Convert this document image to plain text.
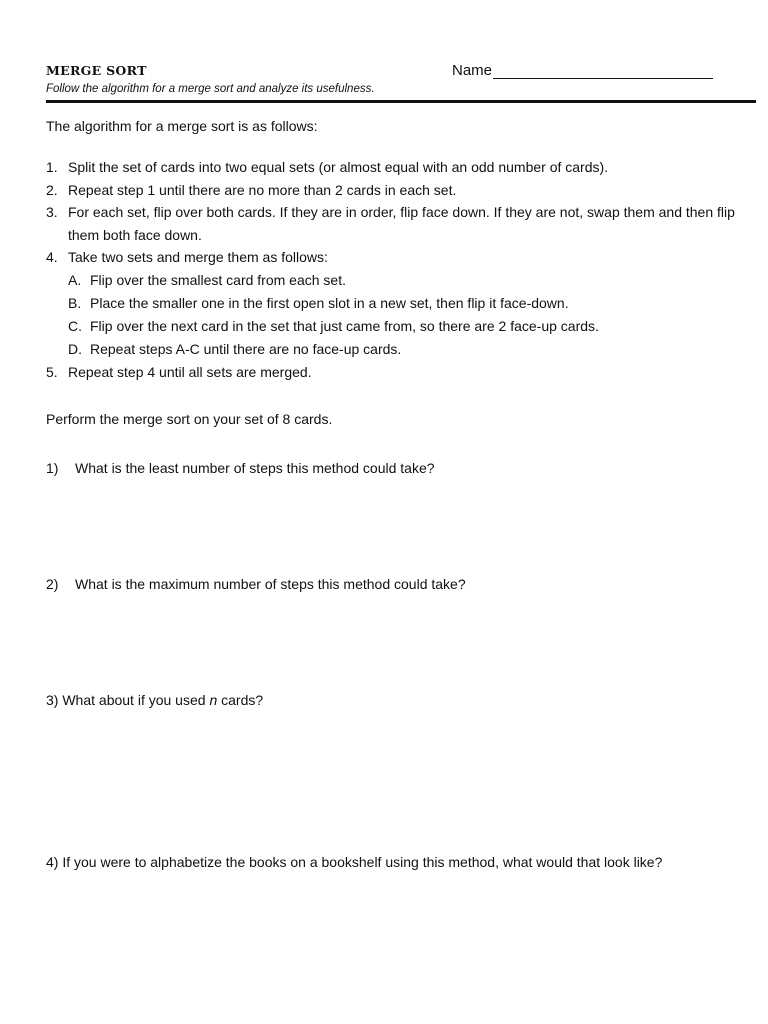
MERGE SORT
Follow the algorithm for a merge sort and analyze its usefulness.
Name
The algorithm for a merge sort is as follows:
1. Split the set of cards into two equal sets (or almost equal with an odd number of cards).
2. Repeat step 1 until there are no more than 2 cards in each set.
3. For each set, flip over both cards. If they are in order, flip face down. If they are not, swap them and then flip them both face down.
4. Take two sets and merge them as follows:
A. Flip over the smallest card from each set.
B. Place the smaller one in the first open slot in a new set, then flip it face-down.
C. Flip over the next card in the set that just came from, so there are 2 face-up cards.
D. Repeat steps A-C until there are no face-up cards.
5. Repeat step 4 until all sets are merged.
Perform the merge sort on your set of 8 cards.
1) What is the least number of steps this method could take?
2) What is the maximum number of steps this method could take?
3) What about if you used n cards?
4) If you were to alphabetize the books on a bookshelf using this method, what would that look like?
